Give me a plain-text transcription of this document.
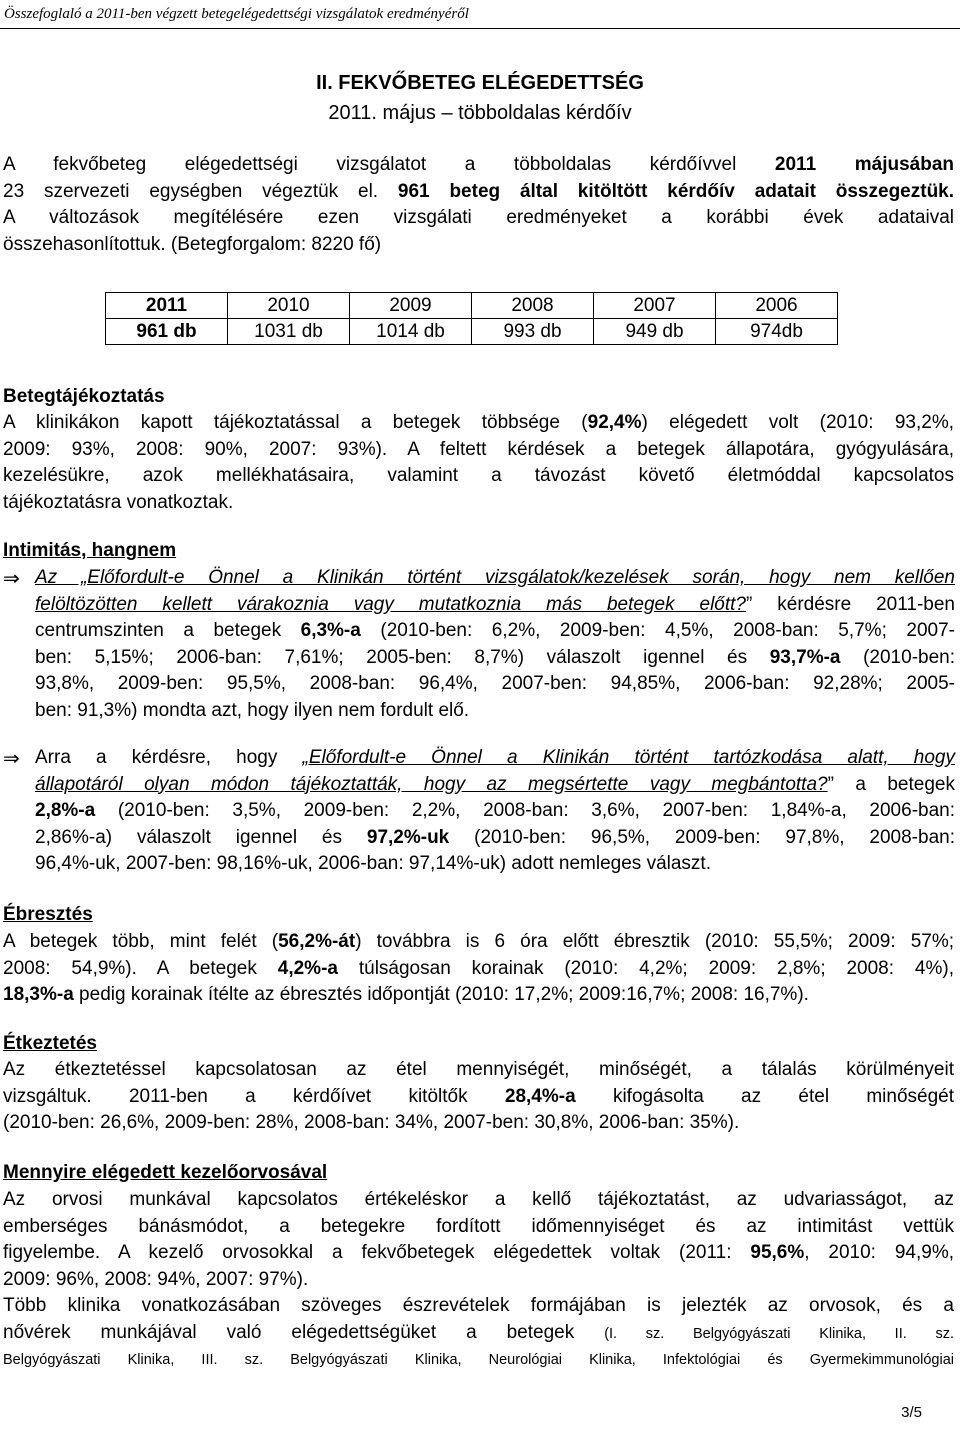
Összefoglaló a 2011-ben végzett betegelégedettségi vizsgálatok eredményéről
II. FEKVŐBETEG ELÉGEDETTSÉG
2011. május – többoldalas kérdőív
A fekvőbeteg elégedettségi vizsgálatot a többoldalas kérdőívvel 2011 májusában
23 szervezeti egységben végeztük el. 961 beteg által kitöltött kérdőív adatait összegeztük.
A változások megítélésére ezen vizsgálati eredményeket a korábbi évek adataival
összehasonlítottuk. (Betegforgalom: 8220 fő)
2011	2010	2009	2008	2007	2006
961 db	1031 db	1014 db	993 db	949 db	974db
Betegtájékoztatás
A klinikákon kapott tájékoztatással a betegek többsége (92,4%) elégedett volt (2010: 93,2%,
2009: 93%, 2008: 90%, 2007: 93%). A feltett kérdések a betegek állapotára, gyógyulására,
kezelésükre, azok mellékhatásaira, valamint a távozást követő életmóddal kapcsolatos
tájékoztatásra vonatkoztak.
Intimitás, hangnem
⇒ Az „Előfordult-e Önnel a Klinikán történt vizsgálatok/kezelések során, hogy nem kellően
felöltözötten kellett várakoznia vagy mutatkoznia más betegek előtt?” kérdésre 2011-ben
centrumszinten a betegek 6,3%-a (2010-ben: 6,2%, 2009-ben: 4,5%, 2008-ban: 5,7%; 2007-
ben: 5,15%; 2006-ban: 7,61%; 2005-ben: 8,7%) válaszolt igennel és 93,7%-a (2010-ben:
93,8%, 2009-ben: 95,5%, 2008-ban: 96,4%, 2007-ben: 94,85%, 2006-ban: 92,28%; 2005-
ben: 91,3%) mondta azt, hogy ilyen nem fordult elő.
⇒ Arra a kérdésre, hogy „Előfordult-e Önnel a Klinikán történt tartózkodása alatt, hogy
állapotáról olyan módon tájékoztatták, hogy az megsértette vagy megbántotta?” a betegek
2,8%-a (2010-ben: 3,5%, 2009-ben: 2,2%, 2008-ban: 3,6%, 2007-ben: 1,84%-a, 2006-ban:
2,86%-a) válaszolt igennel és 97,2%-uk (2010-ben: 96,5%, 2009-ben: 97,8%, 2008-ban:
96,4%-uk, 2007-ben: 98,16%-uk, 2006-ban: 97,14%-uk) adott nemleges választ.
Ébresztés
A betegek több, mint felét (56,2%-át) továbbra is 6 óra előtt ébresztik (2010: 55,5%; 2009: 57%;
2008: 54,9%). A betegek 4,2%-a túlságosan korainak (2010: 4,2%; 2009: 2,8%; 2008: 4%),
18,3%-a pedig korainak ítélte az ébresztés időpontját (2010: 17,2%; 2009:16,7%; 2008: 16,7%).
Étkeztetés
Az étkeztetéssel kapcsolatosan az étel mennyiségét, minőségét, a tálalás körülményeit
vizsgáltuk. 2011-ben a kérdőívet kitöltők 28,4%-a kifogásolta az étel minőségét
(2010-ben: 26,6%, 2009-ben: 28%, 2008-ban: 34%, 2007-ben: 30,8%, 2006-ban: 35%).
Mennyire elégedett kezelőorvosával
Az orvosi munkával kapcsolatos értékeléskor a kellő tájékoztatást, az udvariasságot, az
emberséges bánásmódot, a betegekre fordított időmennyiséget és az intimitást vettük
figyelembe. A kezelő orvosokkal a fekvőbetegek elégedettek voltak (2011: 95,6%, 2010: 94,9%,
2009: 96%, 2008: 94%, 2007: 97%).
Több klinika vonatkozásában szöveges észrevételek formájában is jelezték az orvosok, és a
nővérek munkájával való elégedettségüket a betegek (I. sz. Belgyógyászati Klinika, II. sz.
Belgyógyászati Klinika, III. sz. Belgyógyászati Klinika, Neurológiai Klinika, Infektológiai és Gyermekimmunológiai
3/5
